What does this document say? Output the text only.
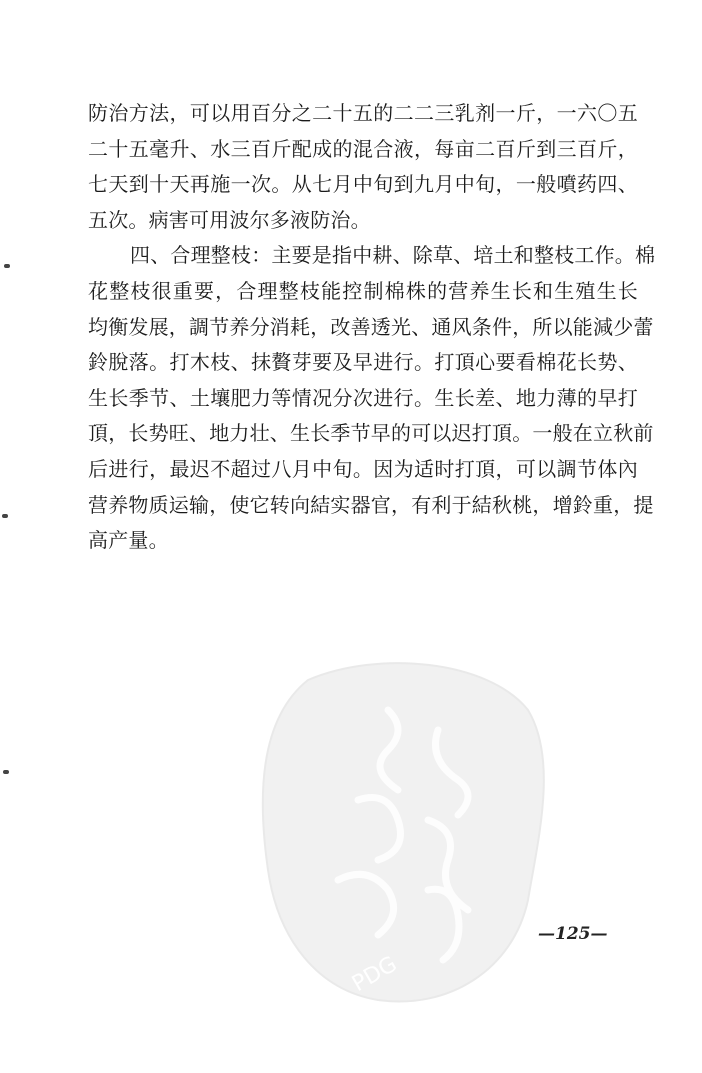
防治方法，可以用百分之二十五的二二三乳剂一斤，一六〇五
二十五毫升、水三百斤配成的混合液，每亩二百斤到三百斤，
七天到十天再施一次。从七月中旬到九月中旬，一般噴药四、
五次。病害可用波尔多液防治。
四、合理整枝：主要是指中耕、除草、培土和整枝工作。棉
花整枝很重要，合理整枝能控制棉株的营养生长和生殖生长
均衡发展，調节养分消耗，改善透光、通风条件，所以能減少蕾
鈴脫落。打木枝、抹贅芽要及早进行。打頂心要看棉花长势、
生长季节、土壤肥力等情况分次进行。生长差、地力薄的早打
頂，长势旺、地力壮、生长季节早的可以迟打頂。一般在立秋前
后进行，最迟不超过八月中旬。因为适时打頂，可以調节体內
营养物质运输，使它转向結实器官，有利于結秋桃，增鈴重，提
高产量。
PDG
—125—
